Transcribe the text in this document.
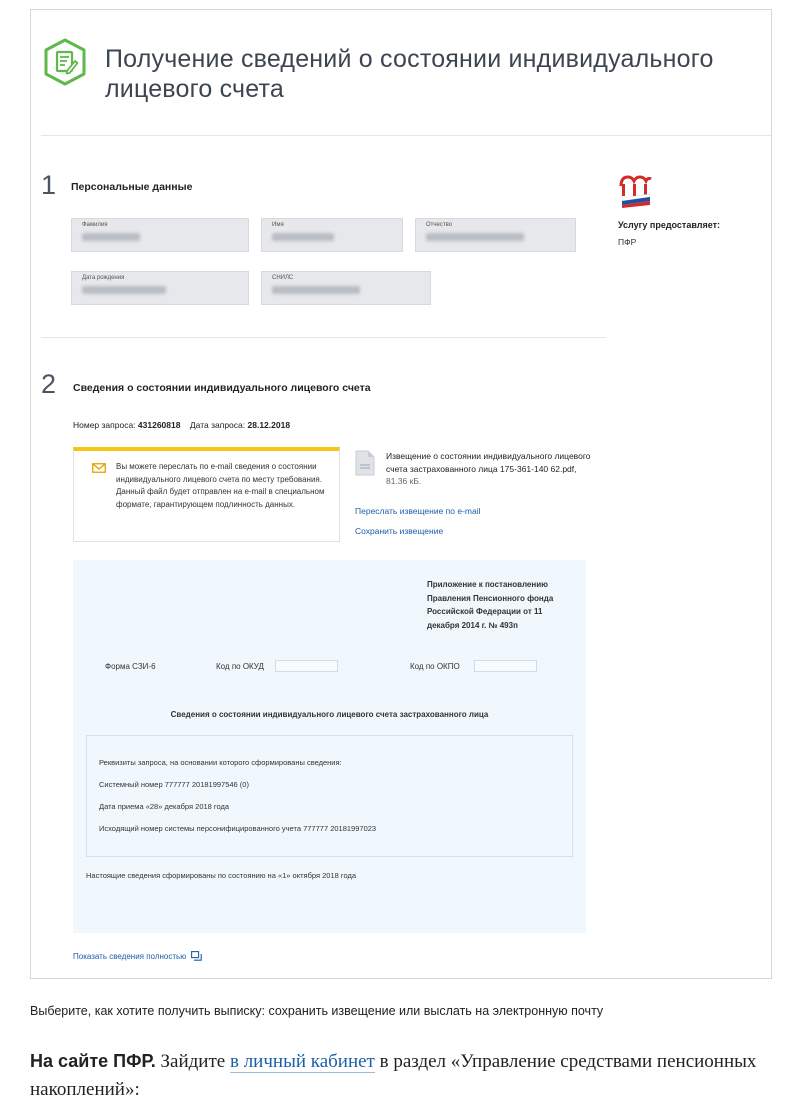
Получение сведений о состоянии индивидуального лицевого счета
1 Персональные данные
Фамилия	Имя	Отчество
Дата рождения	СНИЛС
Услугу предоставляет:
ПФР
2 Сведения о состоянии индивидуального лицевого счета
Номер запроса: 431260818 Дата запроса: 28.12.2018
Вы можете переслать по e-mail сведения о состоянии индивидуального лицевого счета по месту требования. Данный файл будет отправлен на e-mail в специальном формате, гарантирующем подлинность данных.
Извещение о состоянии индивидуального лицевого счета застрахованного лица 175-361-140 62.pdf, 81.36 кБ.
Переслать извещение по e-mail
Сохранить извещение
Приложение к постановлению Правления Пенсионного фонда Российской Федерации от 11 декабря 2014 г. № 493п
Форма СЗИ-6	Код по ОКУД	Код по ОКПО
Сведения о состоянии индивидуального лицевого счета застрахованного лица
Реквизиты запроса, на основании которого сформированы сведения:
Системный номер 777777 20181997546 (0)
Дата приема «28» декабря 2018 года
Исходящий номер системы персонифицированного учета 777777 20181997023
Настоящие сведения сформированы по состоянию на «1» октября 2018 года
Показать сведения полностью
Выберите, как хотите получить выписку: сохранить извещение или выслать на электронную почту
На сайте ПФР. Зайдите в личный кабинет в раздел «Управление средствами пенсионных накоплений»:
